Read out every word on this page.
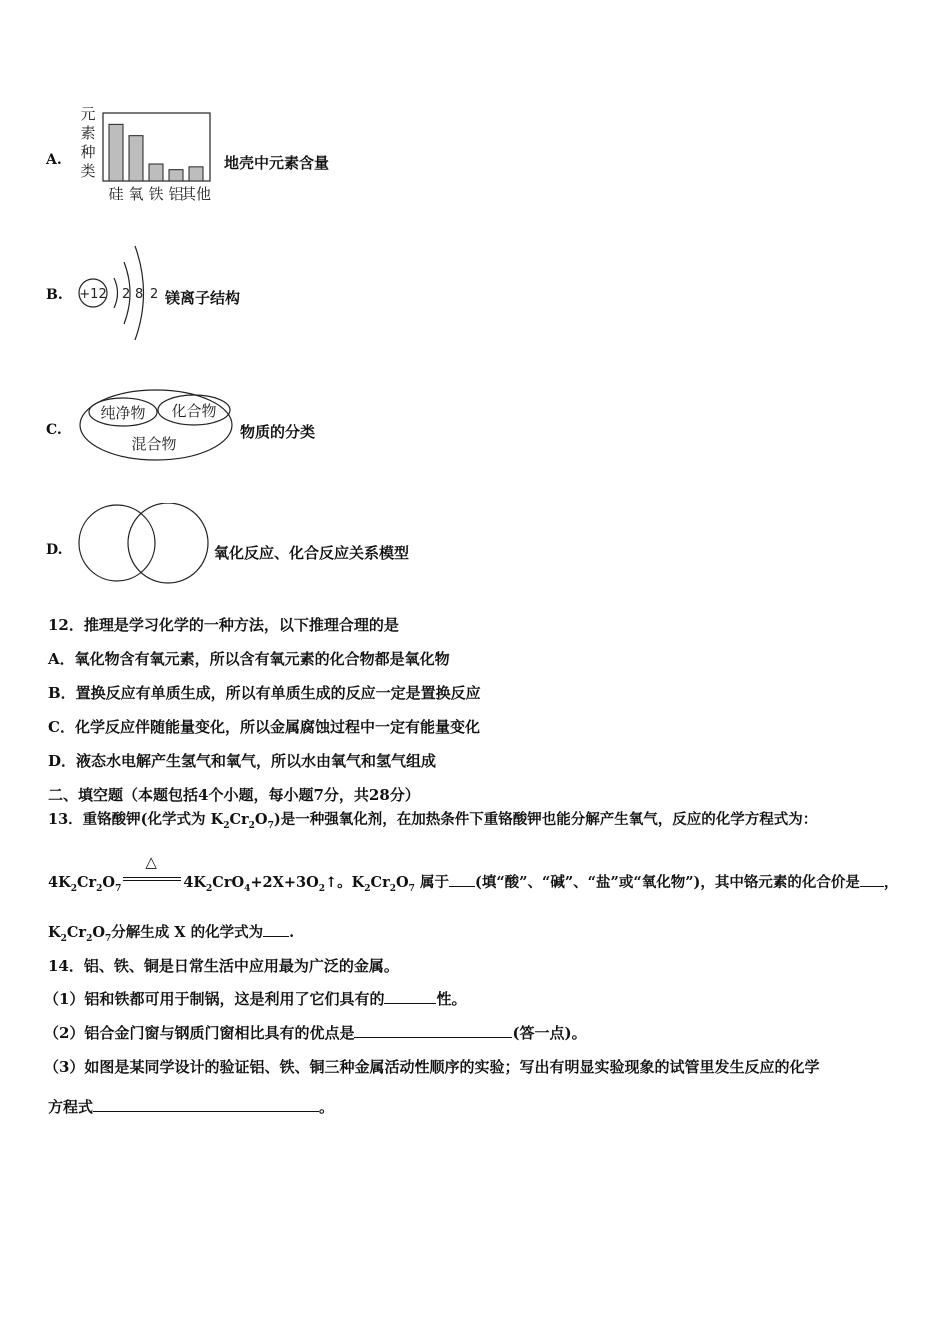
A.
元
素
种
类
硅 氧 铁 铝
其他
地壳中元素含量
B. +12 2 8 2 镁离子结构
C.
纯净物 化合物
混合物
物质的分类
D.	氧化反应、化合反应关系模型
12．推理是学习化学的一种方法，以下推理合理的是
A．氧化物含有氧元素，所以含有氧元素的化合物都是氧化物
B．置换反应有单质生成，所以有单质生成的反应一定是置换反应
C．化学反应伴随能量变化，所以金属腐蚀过程中一定有能量变化
D．液态水电解产生氢气和氧气，所以水由氧气和氢气组成
二、填空题（本题包括4个小题，每小题7分，共28分）
13．重铬酸钾(化学式为 $K_2Cr_2O_7$)是一种强氧化剂，在加热条件下重铬酸钾也能分解产生氧气，反应的化学方程式为：
$4K_2Cr_2O_7$
△
$4K_2CrO_4+2X+3O_2↑$。$K_2Cr_2O_7$ 属于 (填“酸”、“碱”、“盐”或“氧化物”)，其中铬元素的化合价是 ，
$K_2Cr_2O_7$分解生成 X 的化学式为 .
14．铝、铁、铜是日常生活中应用最为广泛的金属。
（1）铝和铁都可用于制锅，这是利用了它们具有的	性。
（2）铝合金门窗与钢质门窗相比具有的优点是	(答一点)。
（3）如图是某同学设计的验证铝、铁、铜三种金属活动性顺序的实验；写出有明显实验现象的试管里发生反应的化学
方程式	。
